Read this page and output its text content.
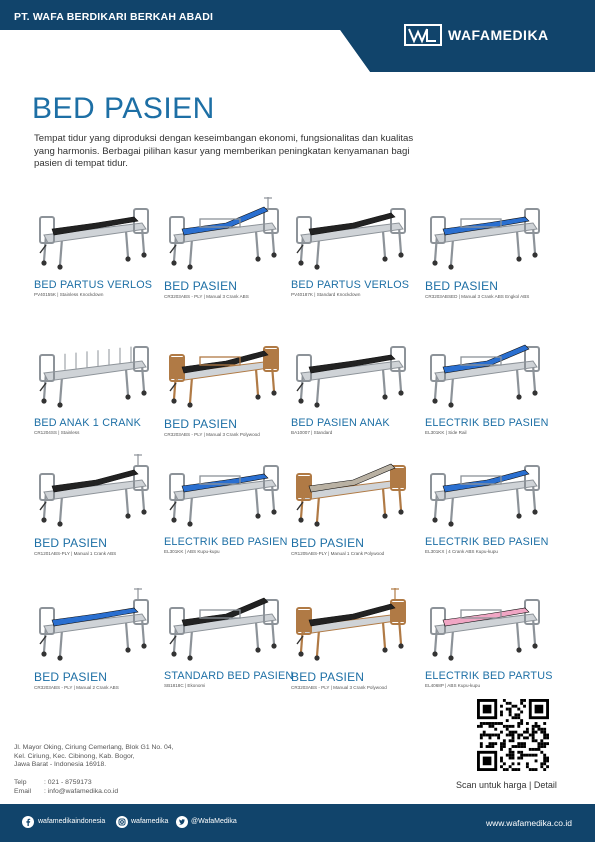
PT. WAFA BERDIKARI BERKAH ABADI
WAFAMEDIKA
BED PASIEN
Tempat tidur yang diproduksi dengan keseimbangan ekonomi, fungsionalitas dan kualitas yang harmonis. Berbagai pilihan kasur yang memberikan peningkatan kenyamanan bagi pasien di tempat tidur.
BED PARTUS VERLOS
PV40155K | Stainless Knockdown
BED PASIEN
CR3203ABS - PLY | Manual 3 Crank ABS
BED PARTUS VERLOS
PV40187K | Standard Knockdown
BED PASIEN
CR3203ABSED | Manual 3 Crank ABS Engkol ABS
BED ANAK 1 CRANK
CR1204SS | Stainless
BED PASIEN
CR3203ABS - PLY | Manual 3 Crank Polywood
BED PASIEN ANAK
BA10007 | Standard
ELECTRIK BED PASIEN
EL301KK | Side Rail
BED PASIEN
CR1201ABS-PLY | Manual 1 Crank ABS
ELECTRIK BED PASIEN
EL301KK | ABS Kupu-kupu
BED PASIEN
CR1205ABS-PLY | Manual 1 Crank Polywood
ELECTRIK BED PASIEN
EL301KX | 4 Crank ABS Kupu-kupu
BED PASIEN
CR3203ABS - PLY | Manual 2 Crank ABS
STANDARD BED PASIEN
SB1818C | Ekonomi
BED PASIEN
CR3203ABS - PLY | Manual 3 Crank Polywood
ELECTRIK BED PARTUS
EL4068P | ABS Kupu-kupu
Scan untuk harga | Detail
Jl. Mayor Oking, Ciriung Cemerlang, Blok G1 No. 04,
Kel. Ciriung, Kec. Cibinong, Kab. Bogor,
Jawa Barat - Indonesia 16918.
Telp	: 021 - 8759173
Email : info@wafamedika.co.id
wafamedikaindonesia	wafamedika	@WafaMedika	www.wafamedika.co.id
